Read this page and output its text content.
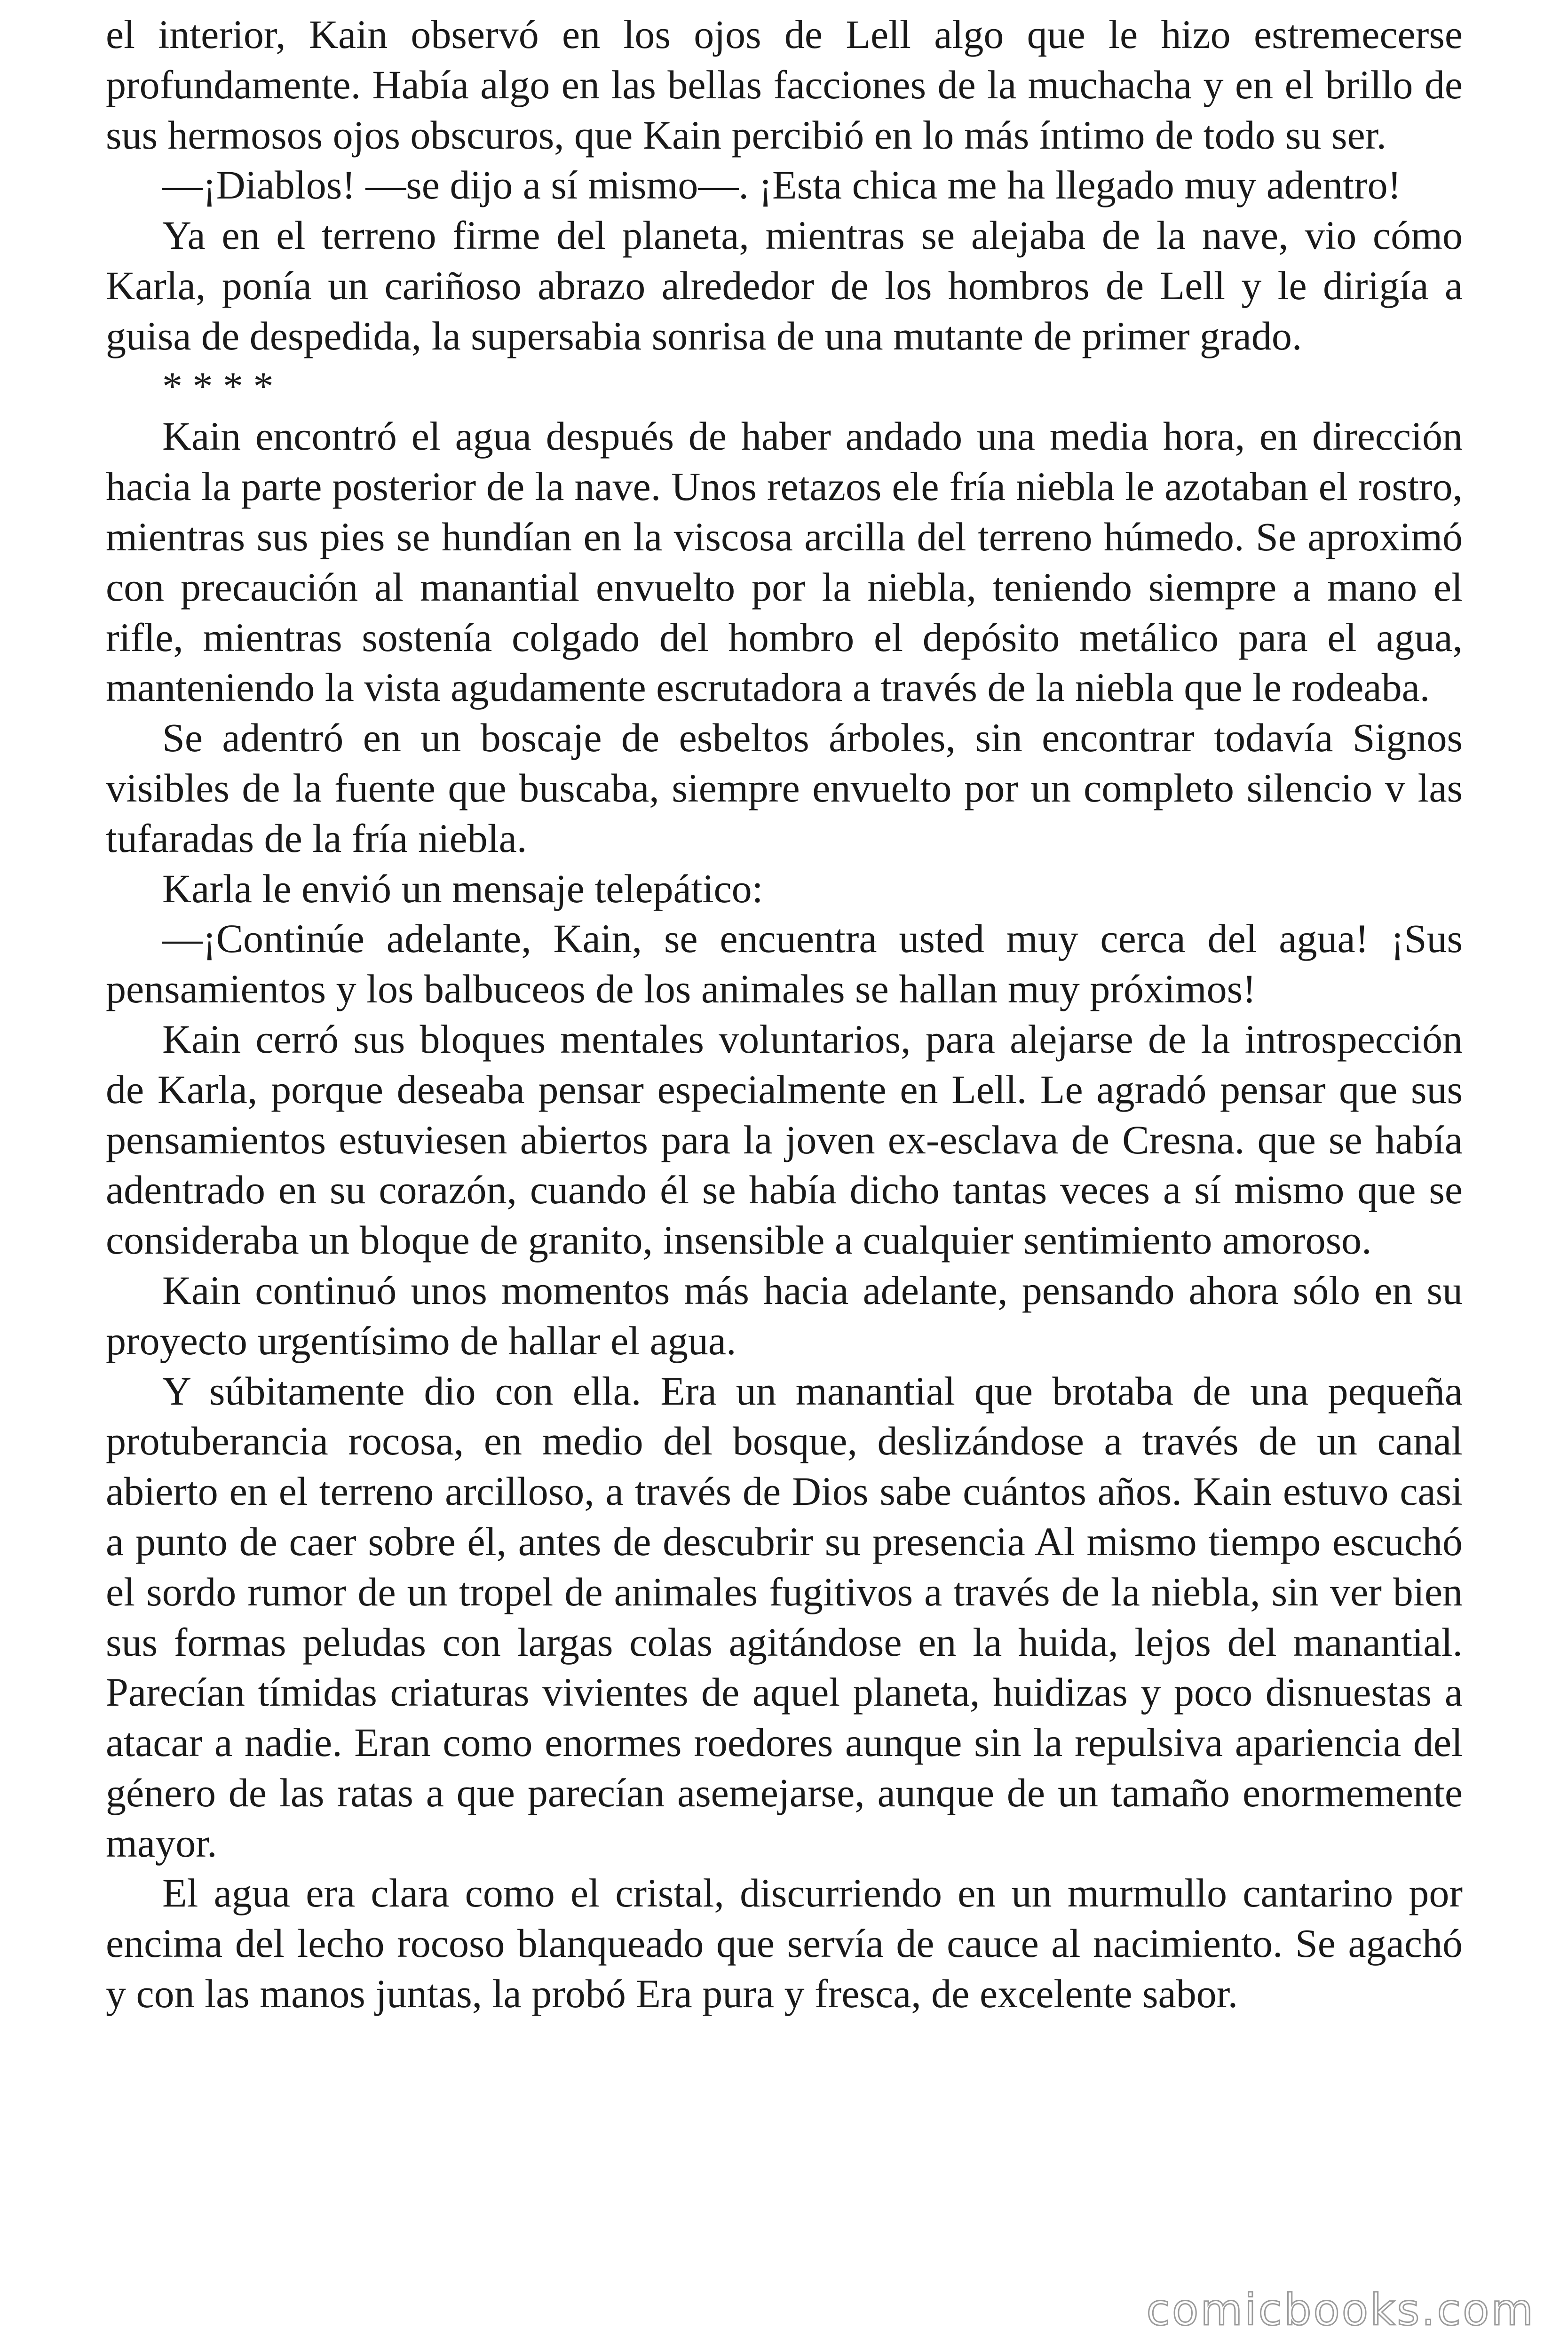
el interior, Kain observó en los ojos de Lell algo que le hizo estremecerse profundamente. Había algo en las bellas facciones de la muchacha y en el brillo de sus hermosos ojos obscuros, que Kain percibió en lo más íntimo de todo su ser.

—¡Diablos! —se dijo a sí mismo—. ¡Esta chica me ha llegado muy adentro!

Ya en el terreno firme del planeta, mientras se alejaba de la nave, vio cómo Karla, ponía un cariñoso abrazo alrededor de los hombros de Lell y le dirigía a guisa de despedida, la supersabia sonrisa de una mutante de primer grado.

* * * *

Kain encontró el agua después de haber andado una media hora, en dirección hacia la parte posterior de la nave. Unos retazos ele fría niebla le azotaban el rostro, mientras sus pies se hundían en la viscosa arcilla del terreno húmedo. Se aproximó con precaución al manantial envuelto por la niebla, teniendo siempre a mano el rifle, mientras sostenía colgado del hombro el depósito metálico para el agua, manteniendo la vista agudamente escrutadora a través de la niebla que le rodeaba.

Se adentró en un boscaje de esbeltos árboles, sin encontrar todavía Signos visibles de la fuente que buscaba, siempre envuelto por un completo silencio v las tufaradas de la fría niebla.

Karla le envió un mensaje telepático:

—¡Continúe adelante, Kain, se encuentra usted muy cerca del agua! ¡Sus pensamientos y los balbuceos de los animales se hallan muy próximos!

Kain cerró sus bloques mentales voluntarios, para alejarse de la introspección de Karla, porque deseaba pensar especialmente en Lell. Le agradó pensar que sus pensamientos estuviesen abiertos para la joven ex-esclava de Cresna. que se había adentrado en su corazón, cuando él se había dicho tantas veces a sí mismo que se consideraba un bloque de granito, insensible a cualquier sentimiento amoroso.

Kain continuó unos momentos más hacia adelante, pensando ahora sólo en su proyecto urgentísimo de hallar el agua.

Y súbitamente dio con ella. Era un manantial que brotaba de una pequeña protuberancia rocosa, en medio del bosque, deslizándose a través de un canal abierto en el terreno arcilloso, a través de Dios sabe cuántos años. Kain estuvo casi a punto de caer sobre él, antes de descubrir su presencia Al mismo tiempo escuchó el sordo rumor de un tropel de animales fugitivos a través de la niebla, sin ver bien sus formas peludas con largas colas agitándose en la huida, lejos del manantial. Parecían tímidas criaturas vivientes de aquel planeta, huidizas y poco disnuestas a atacar a nadie. Eran como enormes roedores aunque sin la repulsiva apariencia del género de las ratas a que parecían asemejarse, aunque de un tamaño enormemente mayor.

El agua era clara como el cristal, discurriendo en un murmullo cantarino por encima del lecho rocoso blanqueado que servía de cauce al nacimiento. Se agachó y con las manos juntas, la probó Era pura y fresca, de excelente sabor.

comicbooks.com
